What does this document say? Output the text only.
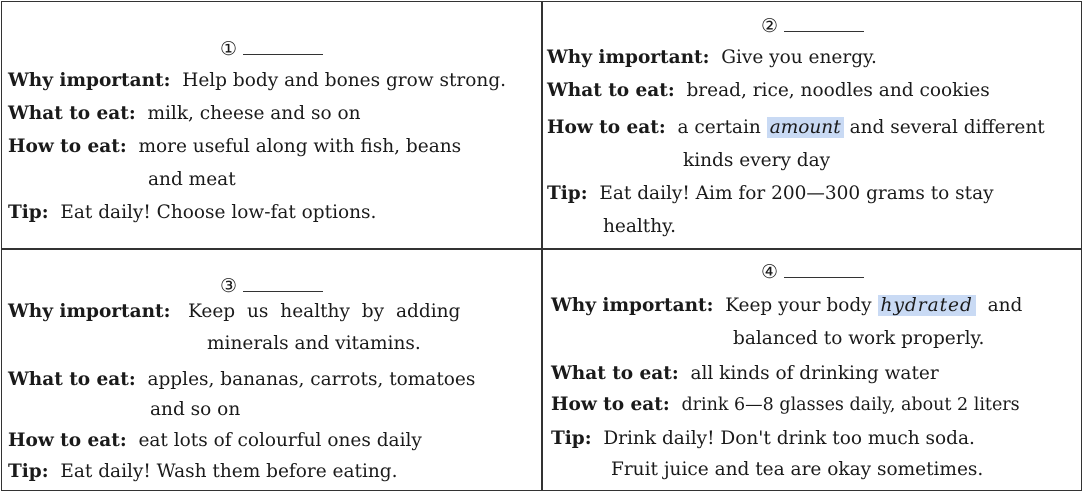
①
Why important: Help body and bones grow strong.
What to eat: milk, cheese and so on
How to eat: more useful along with fish, beans
and meat
Tip: Eat daily! Choose low-fat options.
②
Why important: Give you energy.
What to eat: bread, rice, noodles and cookies
How to eat: a certain amount and several different
kinds every day
Tip: Eat daily! Aim for 200—300 grams to stay
healthy.
③
Why important: Keep us healthy by adding
minerals and vitamins.
What to eat: apples, bananas, carrots, tomatoes
and so on
How to eat: eat lots of colourful ones daily
Tip: Eat daily! Wash them before eating.
④
Why important: Keep your body hydrated and
balanced to work properly.
What to eat: all kinds of drinking water
How to eat: drink 6—8 glasses daily, about 2 liters
Tip: Drink daily! Don't drink too much soda.
Fruit juice and tea are okay sometimes.
